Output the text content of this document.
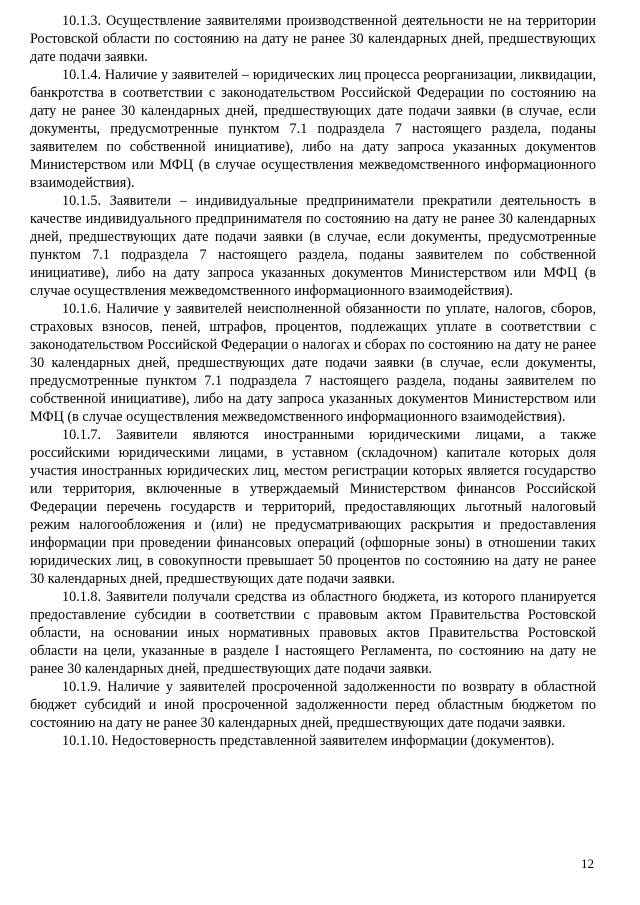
10.1.3. Осуществление заявителями производственной деятельности не на территории Ростовской области по состоянию на дату не ранее 30 календарных дней, предшествующих дате подачи заявки.

10.1.4. Наличие у заявителей – юридических лиц процесса реорганизации, ликвидации, банкротства в соответствии с законодательством Российской Федерации по состоянию на дату не ранее 30 календарных дней, предшествующих дате подачи заявки (в случае, если документы, предусмотренные пунктом 7.1 подраздела 7 настоящего раздела, поданы заявителем по собственной инициативе), либо на дату запроса указанных документов Министерством или МФЦ (в случае осуществления межведомственного информационного взаимодействия).

10.1.5. Заявители – индивидуальные предприниматели прекратили деятельность в качестве индивидуального предпринимателя по состоянию на дату не ранее 30 календарных дней, предшествующих дате подачи заявки (в случае, если документы, предусмотренные пунктом 7.1 подраздела 7 настоящего раздела, поданы заявителем по собственной инициативе), либо на дату запроса указанных документов Министерством или МФЦ (в случае осуществления межведомственного информационного взаимодействия).

10.1.6. Наличие у заявителей неисполненной обязанности по уплате, налогов, сборов, страховых взносов, пеней, штрафов, процентов, подлежащих уплате в соответствии с законодательством Российской Федерации о налогах и сборах по состоянию на дату не ранее 30 календарных дней, предшествующих дате подачи заявки (в случае, если документы, предусмотренные пунктом 7.1 подраздела 7 настоящего раздела, поданы заявителем по собственной инициативе), либо на дату запроса указанных документов Министерством или МФЦ (в случае осуществления межведомственного информационного взаимодействия).

10.1.7. Заявители являются иностранными юридическими лицами, а также российскими юридическими лицами, в уставном (складочном) капитале которых доля участия иностранных юридических лиц, местом регистрации которых является государство или территория, включенные в утверждаемый Министерством финансов Российской Федерации перечень государств и территорий, предоставляющих льготный налоговый режим налогообложения и (или) не предусматривающих раскрытия и предоставления информации при проведении финансовых операций (офшорные зоны) в отношении таких юридических лиц, в совокупности превышает 50 процентов по состоянию на дату не ранее 30 календарных дней, предшествующих дате подачи заявки.

10.1.8. Заявители получали средства из областного бюджета, из которого планируется предоставление субсидии в соответствии с правовым актом Правительства Ростовской области, на основании иных нормативных правовых актов Правительства Ростовской области на цели, указанные в разделе I настоящего Регламента, по состоянию на дату не ранее 30 календарных дней, предшествующих дате подачи заявки.

10.1.9. Наличие у заявителей просроченной задолженности по возврату в областной бюджет субсидий и иной просроченной задолженности перед областным бюджетом по состоянию на дату не ранее 30 календарных дней, предшествующих дате подачи заявки.

10.1.10. Недостоверность представленной заявителем информации (документов).

12
